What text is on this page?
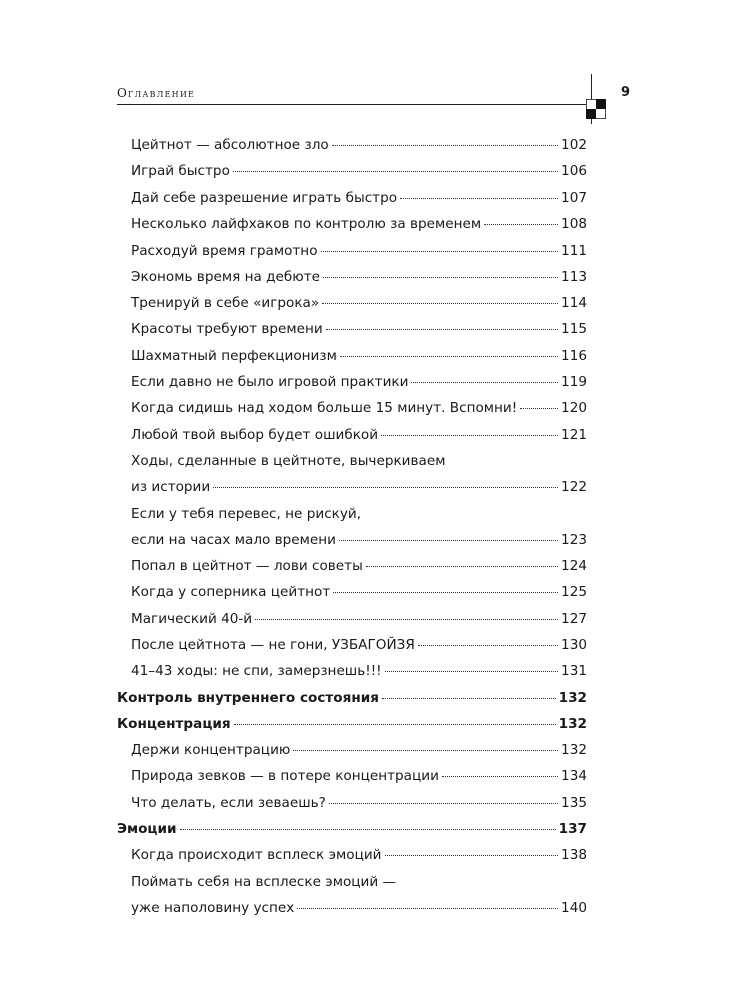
Оглавление	9
Цейтнот — абсолютное зло	102
Играй быстро	106
Дай себе разрешение играть быстро	107
Несколько лайфхаков по контролю за временем	108
Расходуй время грамотно	111
Экономь время на дебюте	113
Тренируй в себе «игрока»	114
Красоты требуют времени	115
Шахматный перфекционизм	116
Если давно не было игровой практики	119
Когда сидишь над ходом больше 15 минут. Вспомни!	120
Любой твой выбор будет ошибкой	121
Ходы, сделанные в цейтноте, вычеркиваем
из истории	122
Если у тебя перевес, не рискуй,
если на часах мало времени	123
Попал в цейтнот — лови советы	124
Когда у соперника цейтнот	125
Магический 40-й	127
После цейтнота — не гони, УЗБАГОЙЗЯ	130
41–43 ходы: не спи, замерзнешь!!!	131
Контроль внутреннего состояния	132
Концентрация	132
Держи концентрацию	132
Природа зевков — в потере концентрации	134
Что делать, если зеваешь?	135
Эмоции	137
Когда происходит всплеск эмоций	138
Поймать себя на всплеске эмоций —
уже наполовину успех	140
